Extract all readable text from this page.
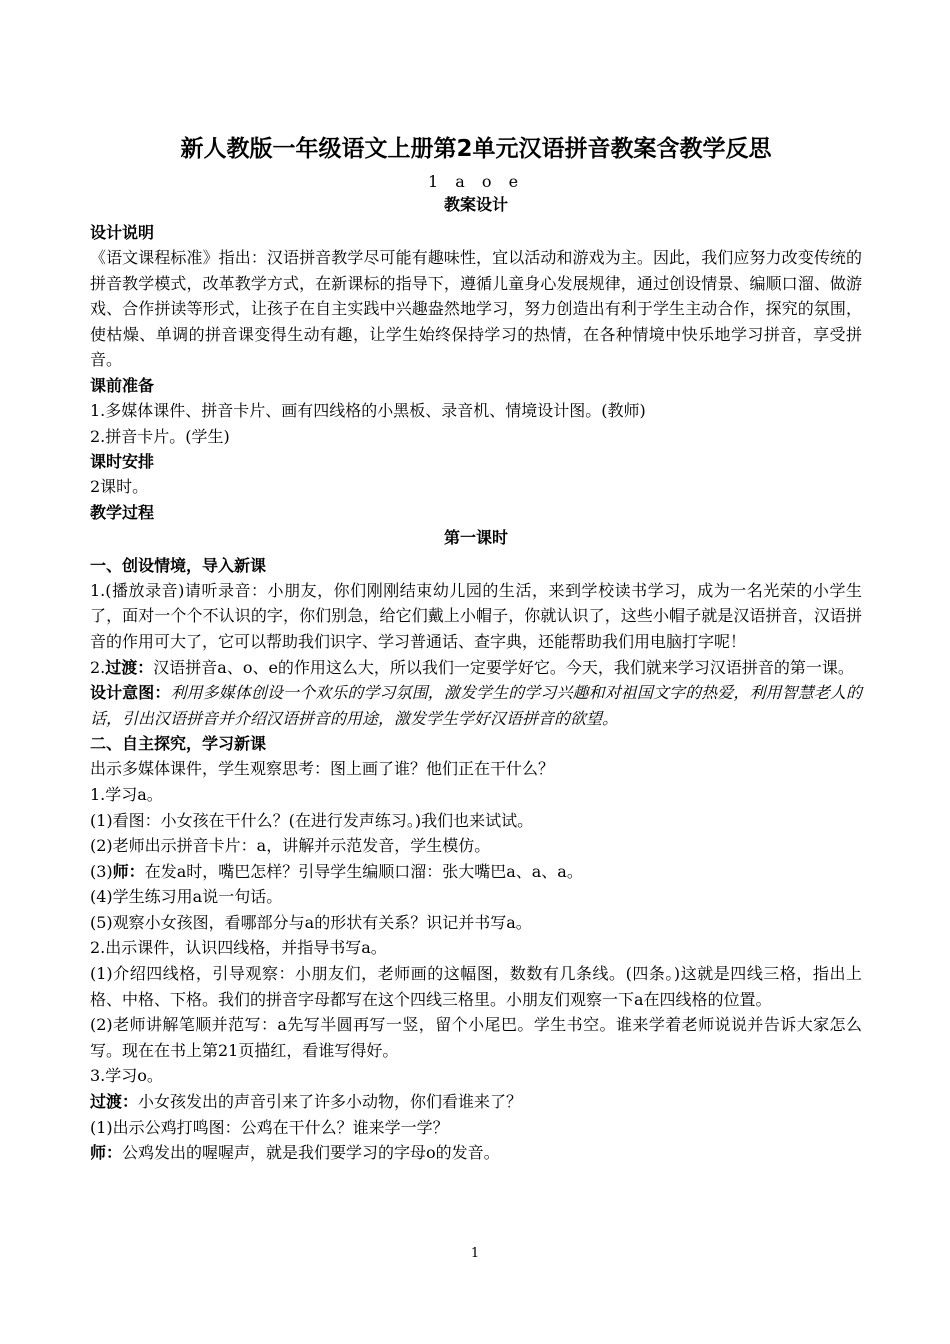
新人教版一年级语文上册第2单元汉语拼音教案含教学反思

1 a o e

教案设计

设计说明

《语文课程标准》指出：汉语拼音教学尽可能有趣味性，宜以活动和游戏为主。因此，我们应努力改变传统的拼音教学模式，改革教学方式，在新课标的指导下，遵循儿童身心发展规律，通过创设情景、编顺口溜、做游戏、合作拼读等形式，让孩子在自主实践中兴趣盎然地学习，努力创造出有利于学生主动合作，探究的氛围，使枯燥、单调的拼音课变得生动有趣，让学生始终保持学习的热情，在各种情境中快乐地学习拼音，享受拼音。

课前准备

1.多媒体课件、拼音卡片、画有四线格的小黑板、录音机、情境设计图。(教师)

2.拼音卡片。(学生)

课时安排

2课时。

教学过程

第一课时

一、创设情境，导入新课

1.(播放录音)请听录音：小朋友，你们刚刚结束幼儿园的生活，来到学校读书学习，成为一名光荣的小学生了，面对一个个不认识的字，你们别急，给它们戴上小帽子，你就认识了，这些小帽子就是汉语拼音，汉语拼音的作用可大了，它可以帮助我们识字、学习普通话、查字典，还能帮助我们用电脑打字呢！

2.过渡：汉语拼音a、o、e的作用这么大，所以我们一定要学好它。今天，我们就来学习汉语拼音的第一课。

设计意图：利用多媒体创设一个欢乐的学习氛围，激发学生的学习兴趣和对祖国文字的热爱，利用智慧老人的话，引出汉语拼音并介绍汉语拼音的用途，激发学生学好汉语拼音的欲望。

二、自主探究，学习新课

出示多媒体课件，学生观察思考：图上画了谁？他们正在干什么？

1.学习a。

(1)看图：小女孩在干什么？(在进行发声练习。)我们也来试试。

(2)老师出示拼音卡片：a，讲解并示范发音，学生模仿。

(3)师：在发a时，嘴巴怎样？引导学生编顺口溜：张大嘴巴a、a、a。

(4)学生练习用a说一句话。

(5)观察小女孩图，看哪部分与a的形状有关系？识记并书写a。

2.出示课件，认识四线格，并指导书写a。

(1)介绍四线格，引导观察：小朋友们，老师画的这幅图，数数有几条线。(四条。)这就是四线三格，指出上格、中格、下格。我们的拼音字母都写在这个四线三格里。小朋友们观察一下a在四线格的位置。

(2)老师讲解笔顺并范写：a先写半圆再写一竖，留个小尾巴。学生书空。谁来学着老师说说并告诉大家怎么写。现在在书上第21页描红，看谁写得好。

3.学习o。

过渡：小女孩发出的声音引来了许多小动物，你们看谁来了？

(1)出示公鸡打鸣图：公鸡在干什么？谁来学一学？

师：公鸡发出的喔喔声，就是我们要学习的字母o的发音。

1
